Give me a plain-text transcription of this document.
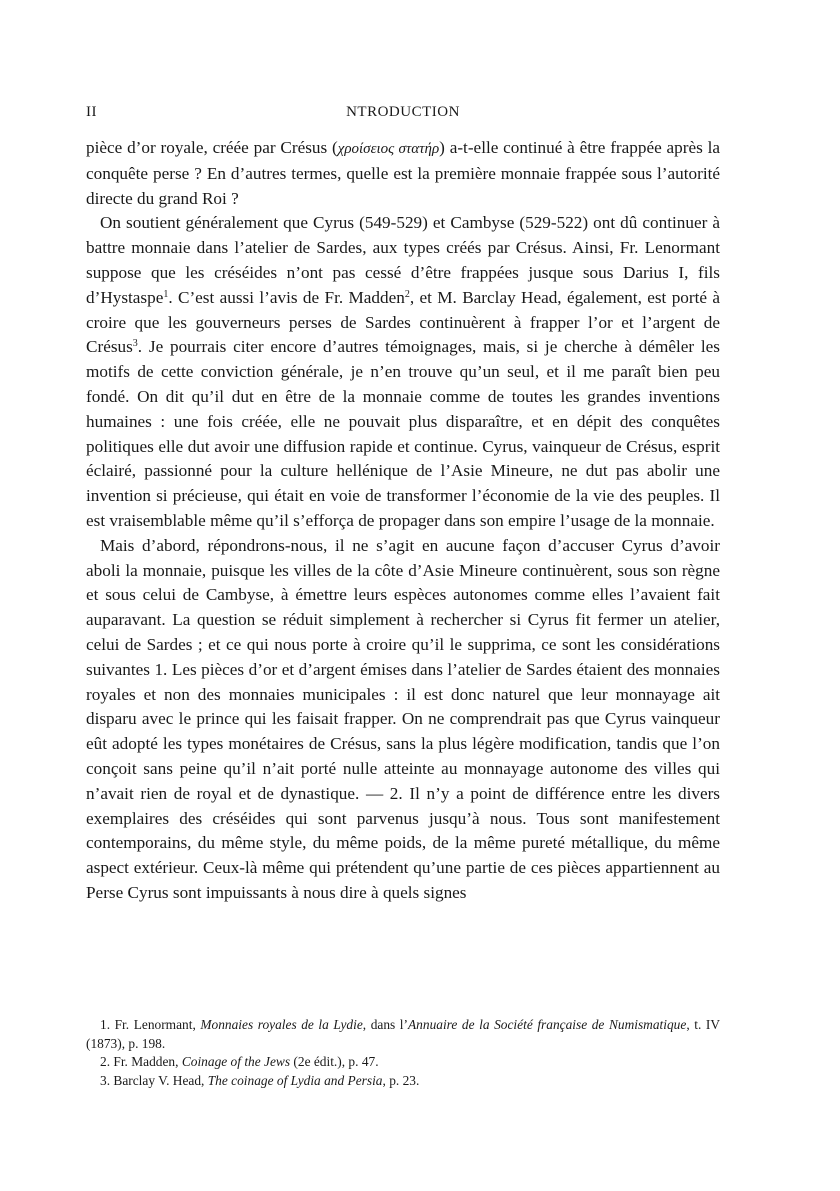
II	NTRODUCTION

pièce d’or royale, créée par Crésus (χροίσειος στατήρ) a-t-elle continué à être frappée après la conquête perse ? En d’autres termes, quelle est la première monnaie frappée sous l’autorité directe du grand Roi ?

On soutient généralement que Cyrus (549-529) et Cambyse (529-522) ont dû continuer à battre monnaie dans l’atelier de Sardes, aux types créés par Crésus. Ainsi, Fr. Lenormant suppose que les créséides n’ont pas cessé d’être frappées jusque sous Darius I, fils d’Hystaspe$^1$. C’est aussi l’avis de Fr. Madden$^2$, et M. Barclay Head, également, est porté à croire que les gouverneurs perses de Sardes continuèrent à frapper l’or et l’argent de Crésus$^3$. Je pourrais citer encore d’autres témoignages, mais, si je cherche à démêler les motifs de cette conviction générale, je n’en trouve qu’un seul, et il me paraît bien peu fondé. On dit qu’il dut en être de la monnaie comme de toutes les grandes inventions humaines : une fois créée, elle ne pouvait plus disparaître, et en dépit des conquêtes politiques elle dut avoir une diffusion rapide et continue. Cyrus, vainqueur de Crésus, esprit éclairé, passionné pour la culture hellénique de l’Asie Mineure, ne dut pas abolir une invention si précieuse, qui était en voie de transformer l’économie de la vie des peuples. Il est vraisemblable même qu’il s’efforça de propager dans son empire l’usage de la monnaie.

Mais d’abord, répondrons-nous, il ne s’agit en aucune façon d’accuser Cyrus d’avoir aboli la monnaie, puisque les villes de la côte d’Asie Mineure continuèrent, sous son règne et sous celui de Cambyse, à émettre leurs espèces autonomes comme elles l’avaient fait auparavant. La question se réduit simplement à rechercher si Cyrus fit fermer un atelier, celui de Sardes ; et ce qui nous porte à croire qu’il le supprima, ce sont les considérations suivantes 1. Les pièces d’or et d’argent émises dans l’atelier de Sardes étaient des monnaies royales et non des monnaies municipales : il est donc naturel que leur monnayage ait disparu avec le prince qui les faisait frapper. On ne comprendrait pas que Cyrus vainqueur eût adopté les types monétaires de Crésus, sans la plus légère modification, tandis que l’on conçoit sans peine qu’il n’ait porté nulle atteinte au monnayage autonome des villes qui n’avait rien de royal et de dynastique. — 2. Il n’y a point de différence entre les divers exemplaires des créséides qui sont parvenus jusqu’à nous. Tous sont manifestement contemporains, du même style, du même poids, de la même pureté métallique, du même aspect extérieur. Ceux-là même qui prétendent qu’une partie de ces pièces appartiennent au Perse Cyrus sont impuissants à nous dire à quels signes

1. Fr. Lenormant, Monnaies royales de la Lydie, dans l’Annuaire de la Société française de Numismatique, t. IV (1873), p. 198.

2. Fr. Madden, Coinage of the Jews (2e édit.), p. 47.

3. Barclay V. Head, The coinage of Lydia and Persia, p. 23.
